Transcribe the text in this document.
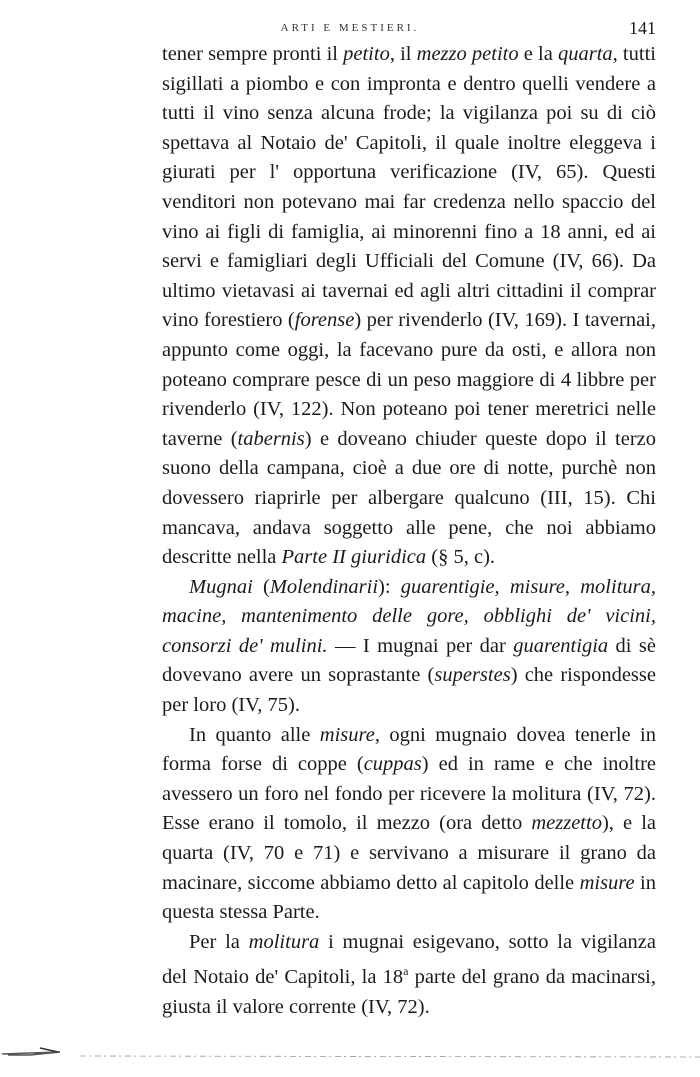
ARTI E MESTIERI.	141

tener sempre pronti il petito, il mezzo petito e la quarta, tutti sigillati a piombo e con impronta e dentro quelli vendere a tutti il vino senza alcuna frode; la vigilanza poi su di ciò spettava al Notaio de' Capitoli, il quale inoltre eleggeva i giurati per l' opportuna verificazione (IV, 65). Questi venditori non potevano mai far credenza nello spaccio del vino ai figli di famiglia, ai minorenni fino a 18 anni, ed ai servi e famigliari degli Ufficiali del Comune (IV, 66). Da ultimo vietavasi ai tavernai ed agli altri cittadini il comprar vino forestiero (forense) per rivenderlo (IV, 169). I tavernai, appunto come oggi, la facevano pure da osti, e allora non poteano comprare pesce di un peso maggiore di 4 libbre per rivenderlo (IV, 122). Non poteano poi tener meretrici nelle taverne (tabernis) e doveano chiuder queste dopo il terzo suono della campana, cioè a due ore di notte, purchè non dovessero riaprirle per albergare qualcuno (III, 15). Chi mancava, andava soggetto alle pene, che noi abbiamo descritte nella Parte II giuridica (§ 5, c).

Mugnai (Molendinarii): guarentigie, misure, molitura, macine, mantenimento delle gore, obblighi de' vicini, consorzi de' mulini. — I mugnai per dar guarentigia di sè dovevano avere un soprastante (superstes) che rispondesse per loro (IV, 75).

In quanto alle misure, ogni mugnaio dovea tenerle in forma forse di coppe (cuppas) ed in rame e che inoltre avessero un foro nel fondo per ricevere la molitura (IV, 72). Esse erano il tomolo, il mezzo (ora detto mezzetto), e la quarta (IV, 70 e 71) e servivano a misurare il grano da macinare, siccome abbiamo detto al capitolo delle misure in questa stessa Parte.

Per la molitura i mugnai esigevano, sotto la vigilanza del Notaio de' Capitoli, la 18$^a$ parte del grano da macinarsi, giusta il valore corrente (IV, 72).
